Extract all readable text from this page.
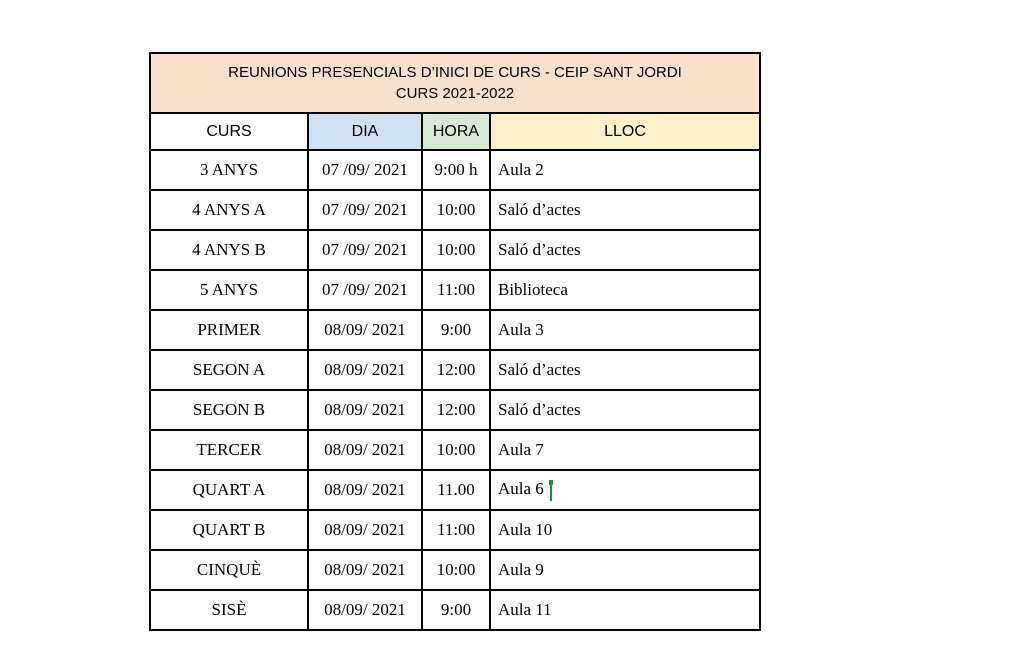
REUNIONS PRESENCIALS D’INICI DE CURS - CEIP SANT JORDI
CURS 2021-2022			

CURS	DIA	HORA	LLOC
3 ANYS	07 /09/ 2021	9:00 h	Aula 2
4 ANYS A	07 /09/ 2021	10:00	Saló d’actes
4 ANYS B	07 /09/ 2021	10:00	Saló d’actes
5 ANYS	07 /09/ 2021	11:00	Biblioteca
PRIMER	08/09/ 2021	9:00	Aula 3
SEGON A	08/09/ 2021	12:00	Saló d’actes
SEGON B	08/09/ 2021	12:00	Saló d’actes
TERCER	08/09/ 2021	10:00	Aula 7
QUART A	08/09/ 2021	11.00	Aula 6
QUART B	08/09/ 2021	11:00	Aula 10
CINQUÈ	08/09/ 2021	10:00	Aula 9
SISÈ	08/09/ 2021	9:00	Aula 11
